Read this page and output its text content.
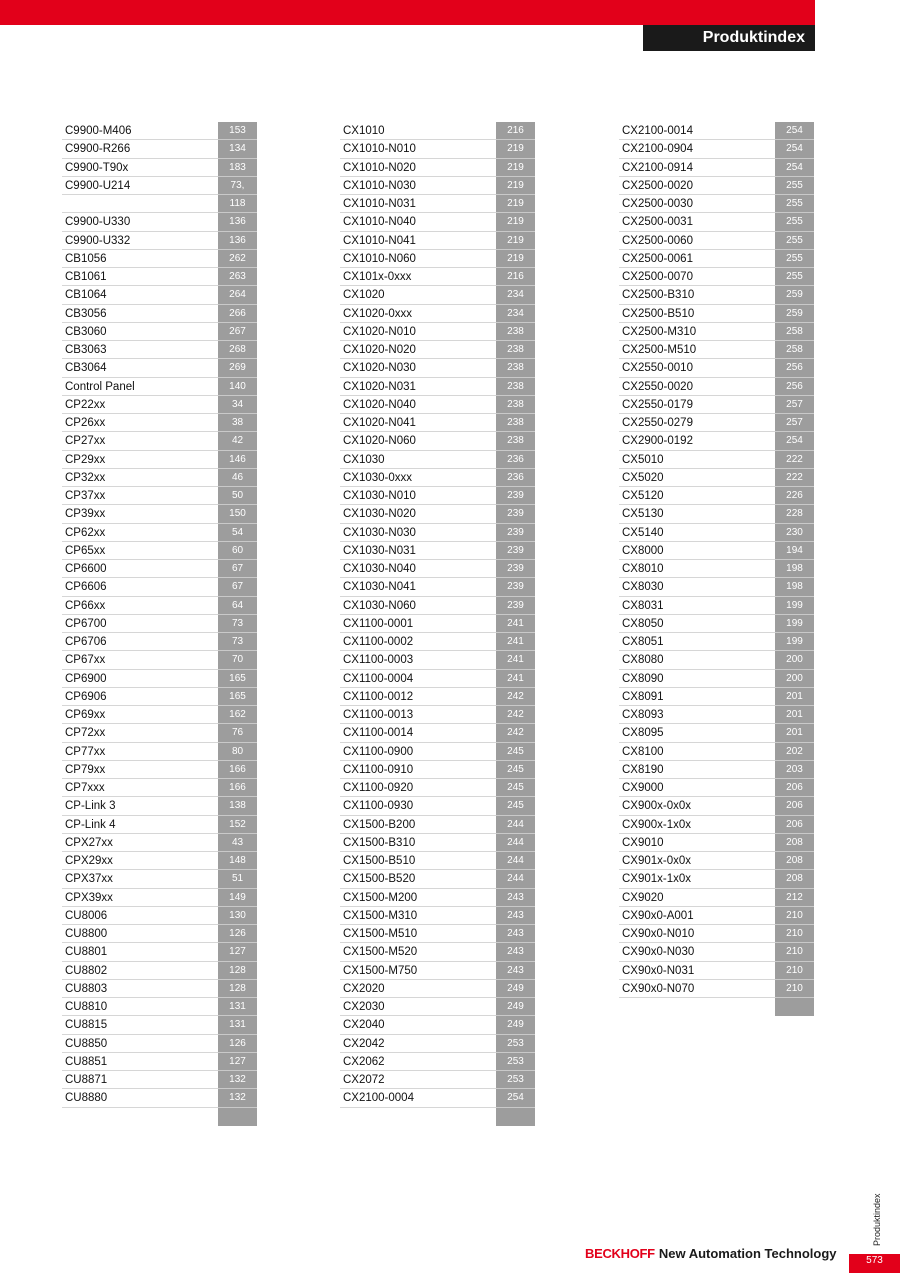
Produktindex
C9900-M406	153
C9900-R266	134
C9900-T90x	183
C9900-U214	73,
118
C9900-U330	136
C9900-U332	136
CB1056	262
CB1061	263
CB1064	264
CB3056	266
CB3060	267
CB3063	268
CB3064	269
Control Panel	140
CP22xx	34
CP26xx	38
CP27xx	42
CP29xx	146
CP32xx	46
CP37xx	50
CP39xx	150
CP62xx	54
CP65xx	60
CP6600	67
CP6606	67
CP66xx	64
CP6700	73
CP6706	73
CP67xx	70
CP6900	165
CP6906	165
CP69xx	162
CP72xx	76
CP77xx	80
CP79xx	166
CP7xxx	166
CP-Link 3	138
CP-Link 4	152
CPX27xx	43
CPX29xx	148
CPX37xx	51
CPX39xx	149
CU8006	130
CU8800	126
CU8801	127
CU8802	128
CU8803	128
CU8810	131
CU8815	131
CU8850	126
CU8851	127
CU8871	132
CU8880	132
CX1010	216
CX1010-N010	219
CX1010-N020	219
CX1010-N030	219
CX1010-N031	219
CX1010-N040	219
CX1010-N041	219
CX1010-N060	219
CX101x-0xxx	216
CX1020	234
CX1020-0xxx	234
CX1020-N010	238
CX1020-N020	238
CX1020-N030	238
CX1020-N031	238
CX1020-N040	238
CX1020-N041	238
CX1020-N060	238
CX1030	236
CX1030-0xxx	236
CX1030-N010	239
CX1030-N020	239
CX1030-N030	239
CX1030-N031	239
CX1030-N040	239
CX1030-N041	239
CX1030-N060	239
CX1100-0001	241
CX1100-0002	241
CX1100-0003	241
CX1100-0004	241
CX1100-0012	242
CX1100-0013	242
CX1100-0014	242
CX1100-0900	245
CX1100-0910	245
CX1100-0920	245
CX1100-0930	245
CX1500-B200	244
CX1500-B310	244
CX1500-B510	244
CX1500-B520	244
CX1500-M200	243
CX1500-M310	243
CX1500-M510	243
CX1500-M520	243
CX1500-M750	243
CX2020	249
CX2030	249
CX2040	249
CX2042	253
CX2062	253
CX2072	253
CX2100-0004	254
CX2100-0014	254
CX2100-0904	254
CX2100-0914	254
CX2500-0020	255
CX2500-0030	255
CX2500-0031	255
CX2500-0060	255
CX2500-0061	255
CX2500-0070	255
CX2500-B310	259
CX2500-B510	259
CX2500-M310	258
CX2500-M510	258
CX2550-0010	256
CX2550-0020	256
CX2550-0179	257
CX2550-0279	257
CX2900-0192	254
CX5010	222
CX5020	222
CX5120	226
CX5130	228
CX5140	230
CX8000	194
CX8010	198
CX8030	198
CX8031	199
CX8050	199
CX8051	199
CX8080	200
CX8090	200
CX8091	201
CX8093	201
CX8095	201
CX8100	202
CX8190	203
CX9000	206
CX900x-0x0x	206
CX900x-1x0x	206
CX9010	208
CX901x-0x0x	208
CX901x-1x0x	208
CX9020	212
CX90x0-A001	210
CX90x0-N010	210
CX90x0-N030	210
CX90x0-N031	210
CX90x0-N070	210
Produktindex
573
BECKHOFF New Automation Technology
